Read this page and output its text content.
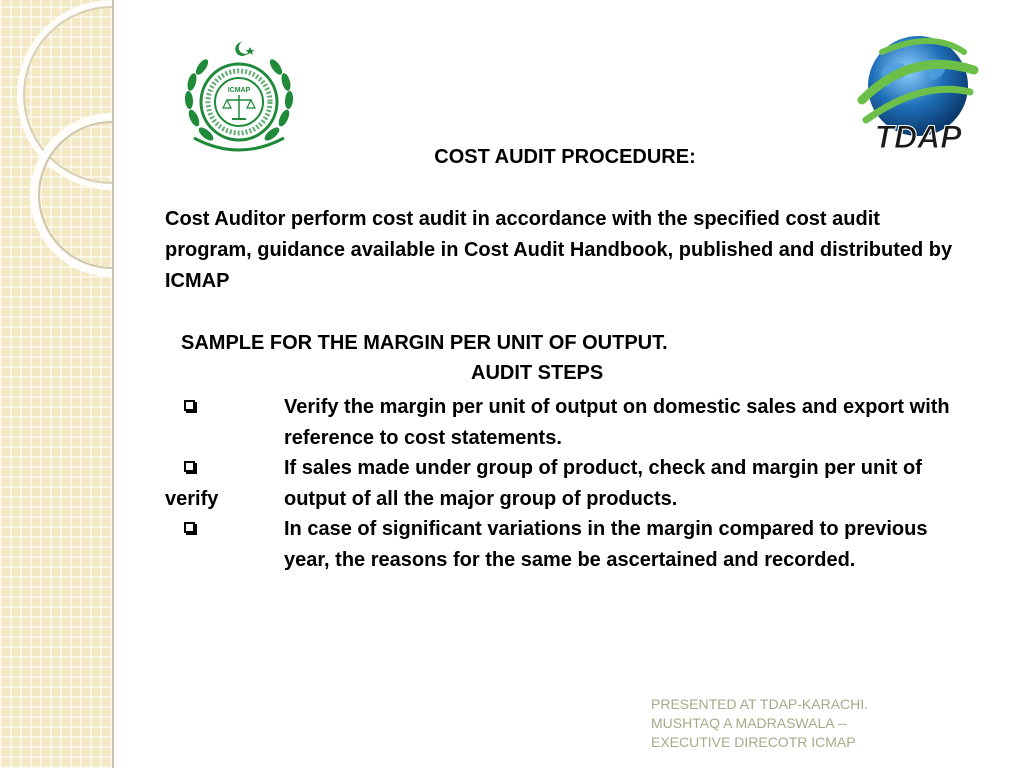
ICMAP
TDAP
COST AUDIT PROCEDURE:
Cost Auditor perform cost audit in accordance with the specified cost audit program, guidance available in Cost Audit Handbook, published and distributed by ICMAP
SAMPLE FOR THE MARGIN PER UNIT OF OUTPUT.
AUDIT STEPS
Verify the margin per unit of output on domestic sales and export with reference to cost statements.
verify
If sales made under group of product, check and margin per unit of output of all the major group of products.
In case of significant variations in the margin compared to previous year, the reasons for the same be ascertained and recorded.
PRESENTED AT TDAP-KARACHI.
MUSHTAQ A MADRASWALA --
EXECUTIVE DIRECOTR ICMAP
